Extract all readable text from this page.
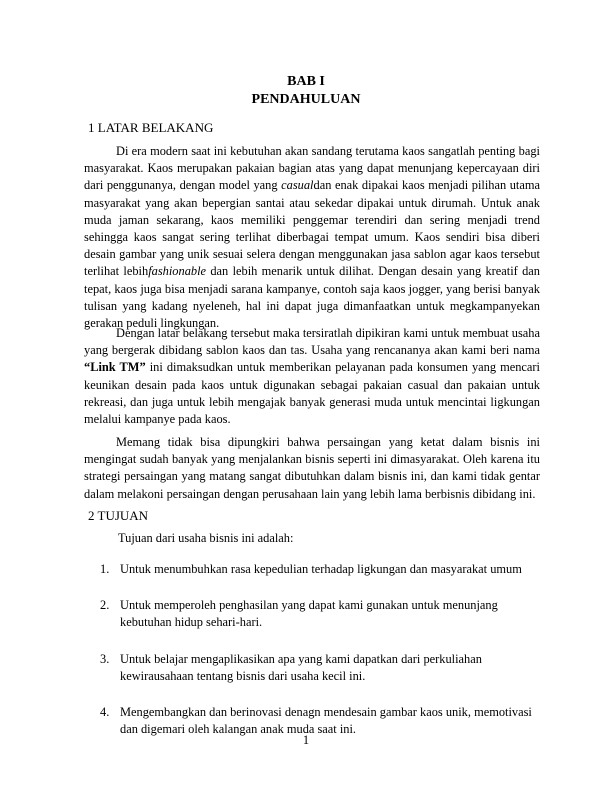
BAB I
PENDAHULUAN
1 LATAR BELAKANG

Di era modern saat ini kebutuhan akan sandang terutama kaos sangatlah penting bagi masyarakat. Kaos merupakan pakaian bagian atas yang dapat menunjang kepercayaan diri dari penggunanya, dengan model yang casualdan enak dipakai kaos menjadi pilihan utama masyarakat yang akan bepergian santai atau sekedar dipakai untuk dirumah. Untuk anak muda jaman sekarang, kaos memiliki penggemar terendiri dan sering menjadi trend sehingga kaos sangat sering terlihat diberbagai tempat umum. Kaos sendiri bisa diberi desain gambar yang unik sesuai selera dengan menggunakan jasa sablon agar kaos tersebut terlihat lebihfashionable dan lebih menarik untuk dilihat. Dengan desain yang kreatif dan tepat, kaos juga bisa menjadi sarana kampanye, contoh saja kaos jogger, yang berisi banyak tulisan yang kadang nyeleneh, hal ini dapat juga dimanfaatkan untuk megkampanyekan gerakan peduli lingkungan.

Dengan latar belakang tersebut maka tersiratlah dipikiran kami untuk membuat usaha yang bergerak dibidang sablon kaos dan tas. Usaha yang rencananya akan kami beri nama “Link TM” ini dimaksudkan untuk memberikan pelayanan pada konsumen yang mencari keunikan desain pada kaos untuk digunakan sebagai pakaian casual dan pakaian untuk rekreasi, dan juga untuk lebih mengajak banyak generasi muda untuk mencintai ligkungan melalui kampanye pada kaos.

Memang tidak bisa dipungkiri bahwa persaingan yang ketat dalam bisnis ini mengingat sudah banyak yang menjalankan bisnis seperti ini dimasyarakat. Oleh karena itu strategi persaingan yang matang sangat dibutuhkan dalam bisnis ini, dan kami tidak gentar dalam melakoni persaingan dengan perusahaan lain yang lebih lama berbisnis dibidang ini.

2 TUJUAN
Tujuan dari usaha bisnis ini adalah:
1. Untuk menumbuhkan rasa kepedulian terhadap ligkungan dan masyarakat umum
2. Untuk memperoleh penghasilan yang dapat kami gunakan untuk menunjang kebutuhan hidup sehari-hari.
3. Untuk belajar mengaplikasikan apa yang kami dapatkan dari perkuliahan kewirausahaan tentang bisnis dari usaha kecil ini.
4. Mengembangkan dan berinovasi denagn mendesain gambar kaos unik, memotivasi dan digemari oleh kalangan anak muda saat ini.
1
